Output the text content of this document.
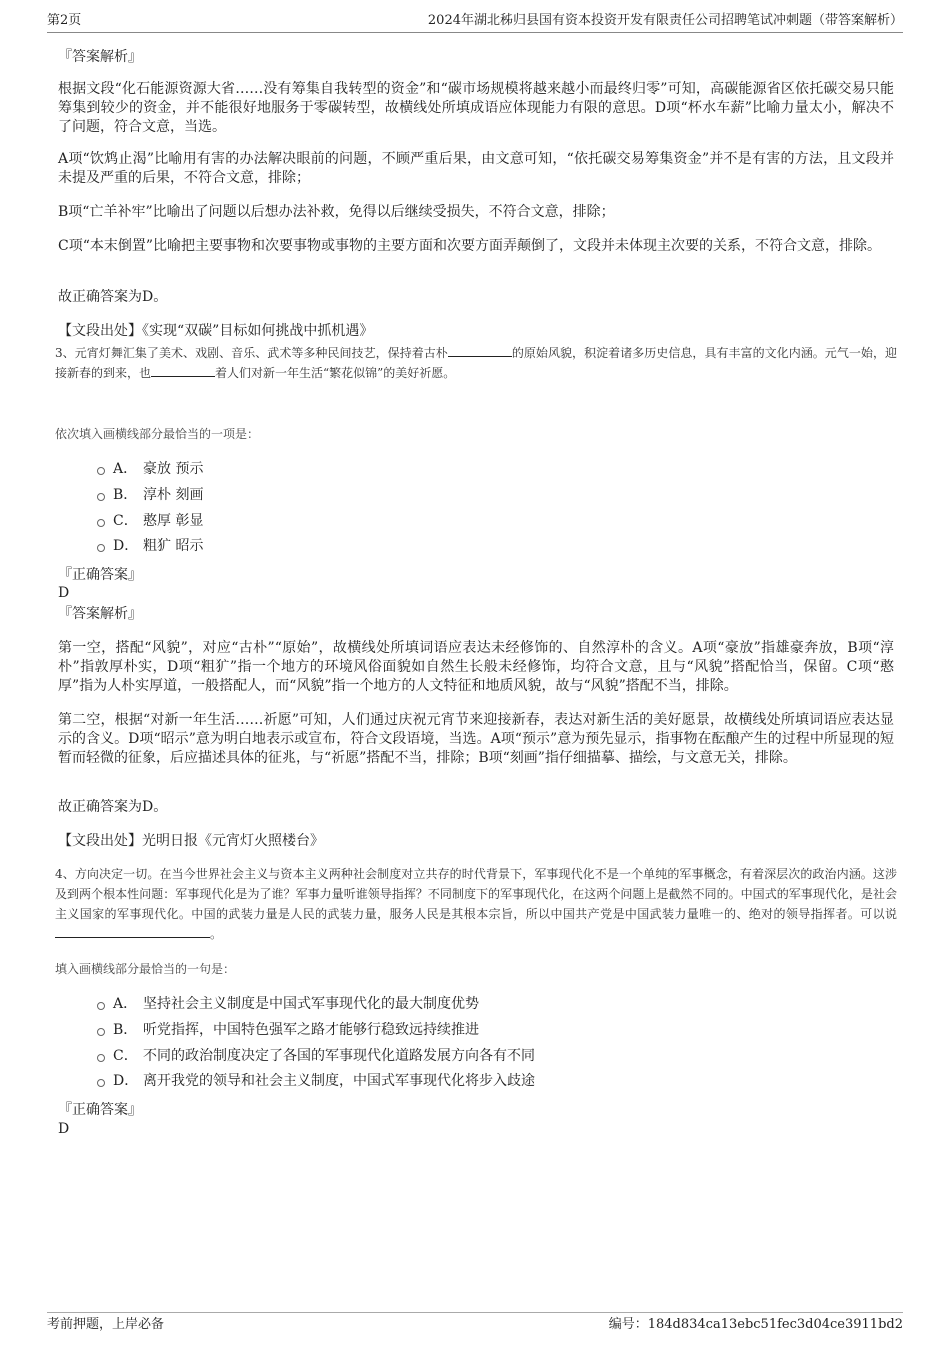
第2页	2024年湖北秭归县国有资本投资开发有限责任公司招聘笔试冲刺题（带答案解析）
『答案解析』
根据文段“化石能源资源大省……没有筹集自我转型的资金”和“碳市场规模将越来越小而最终归零”可知，高碳能源省区依托碳交易只能筹集到较少的资金，并不能很好地服务于零碳转型，故横线处所填成语应体现能力有限的意思。D项“杯水车薪”比喻力量太小，解决不了问题，符合文意，当选。
A项“饮鸩止渴”比喻用有害的办法解决眼前的问题，不顾严重后果，由文意可知，“依托碳交易筹集资金”并不是有害的方法，且文段并未提及严重的后果，不符合文意，排除；
B项“亡羊补牢”比喻出了问题以后想办法补救，免得以后继续受损失，不符合文意，排除；
C项“本末倒置”比喻把主要事物和次要事物或事物的主要方面和次要方面弄颠倒了，文段并未体现主次要的关系，不符合文意，排除。
故正确答案为D。
【文段出处】《实现“双碳”目标如何挑战中抓机遇》
3、元宵灯舞汇集了美术、戏剧、音乐、武术等多种民间技艺，保持着古朴	的原始风貌，积淀着诸多历史信息，具有丰富的文化内涵。元气一始，迎接新春的到来，也	着人们对新一年生活“繁花似锦”的美好祈愿。
依次填入画横线部分最恰当的一项是：
A． 豪放 预示
B． 淳朴 刻画
C． 憨厚 彰显
D． 粗犷 昭示
『正确答案』
D
『答案解析』
第一空，搭配“风貌”，对应“古朴”“原始”，故横线处所填词语应表达未经修饰的、自然淳朴的含义。A项“豪放”指雄豪奔放，B项“淳朴”指敦厚朴实，D项“粗犷”指一个地方的环境风俗面貌如自然生长般未经修饰，均符合文意，且与“风貌”搭配恰当，保留。C项“憨厚”指为人朴实厚道，一般搭配人，而“风貌”指一个地方的人文特征和地质风貌，故与“风貌”搭配不当，排除。
第二空，根据“对新一年生活……祈愿”可知，人们通过庆祝元宵节来迎接新春，表达对新生活的美好愿景，故横线处所填词语应表达显示的含义。D项“昭示”意为明白地表示或宣布，符合文段语境，当选。A项“预示”意为预先显示，指事物在酝酿产生的过程中所显现的短暂而轻微的征象，后应描述具体的征兆，与“祈愿”搭配不当，排除；B项“刻画”指仔细描摹、描绘，与文意无关，排除。
故正确答案为D。
【文段出处】光明日报《元宵灯火照楼台》
4、方向决定一切。在当今世界社会主义与资本主义两种社会制度对立共存的时代背景下，军事现代化不是一个单纯的军事概念，有着深层次的政治内涵。这涉及到两个根本性问题：军事现代化是为了谁？军事力量听谁领导指挥？不同制度下的军事现代化，在这两个问题上是截然不同的。中国式的军事现代化，是社会主义国家的军事现代化。中国的武装力量是人民的武装力量，服务人民是其根本宗旨，所以中国共产党是中国武装力量唯一的、绝对的领导指挥者。可以说。
填入画横线部分最恰当的一句是：
A． 坚持社会主义制度是中国式军事现代化的最大制度优势
B． 听党指挥，中国特色强军之路才能够行稳致远持续推进
C． 不同的政治制度决定了各国的军事现代化道路发展方向各有不同
D． 离开我党的领导和社会主义制度，中国式军事现代化将步入歧途
『正确答案』
D
考前押题，上岸必备	编号：184d834ca13ebc51fec3d04ce3911bd2
